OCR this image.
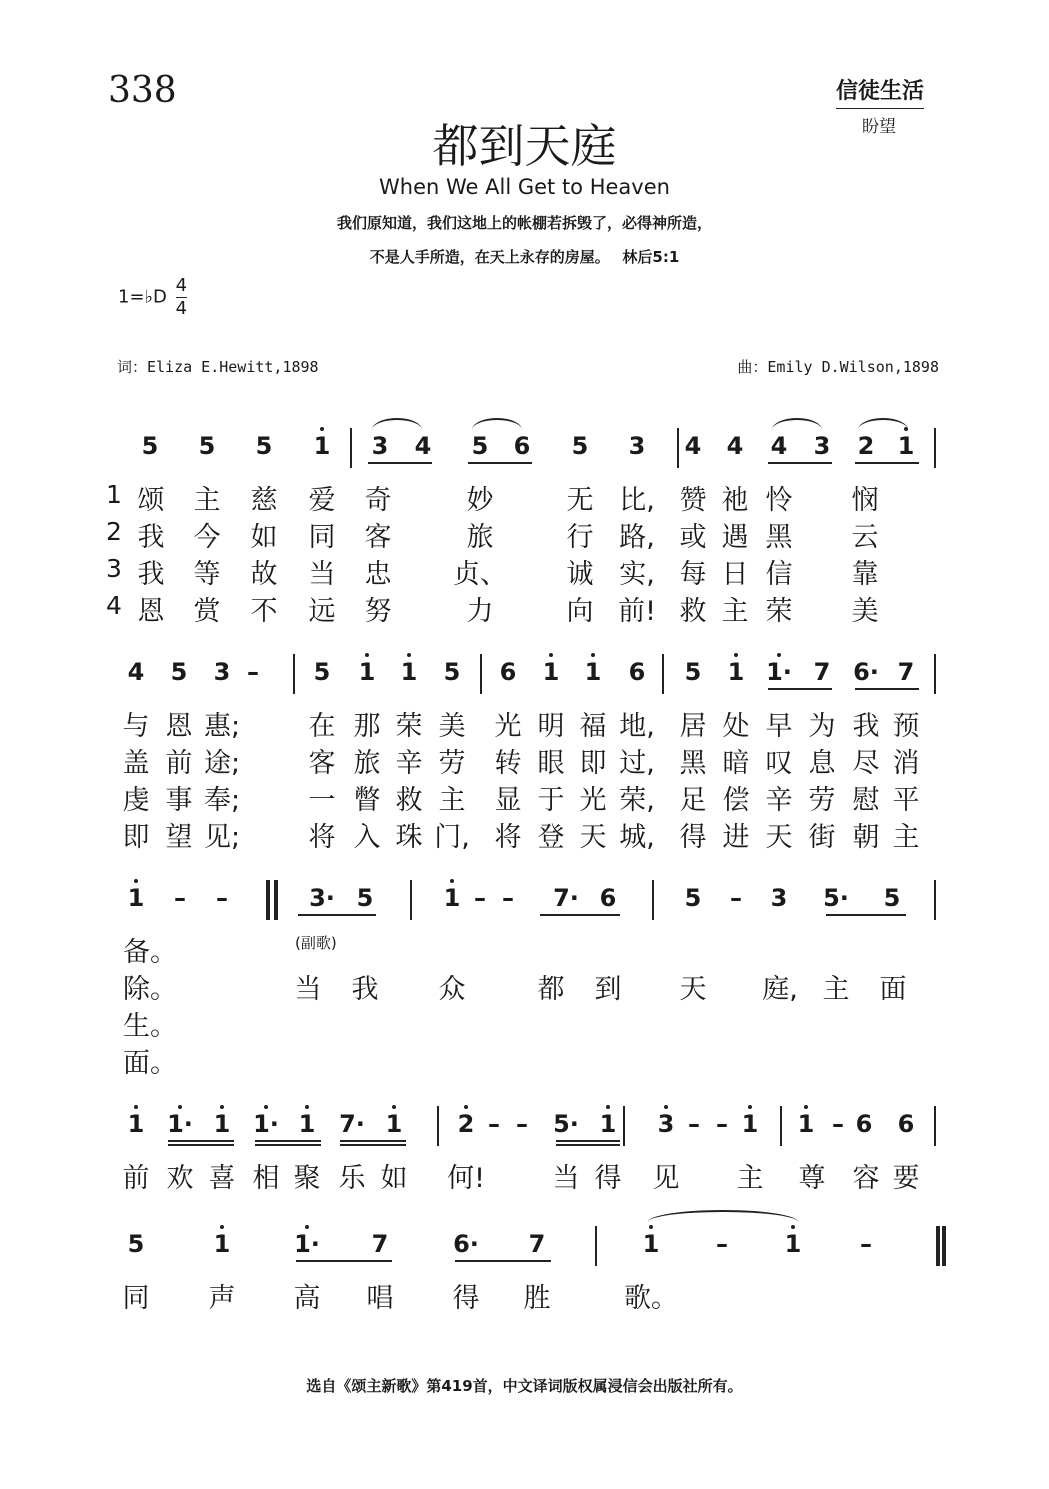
338	信徒生活
盼望
都到天庭
When We All Get to Heaven
我们原知道，我们这地上的帐棚若拆毁了，必得神所造，
不是人手所造，在天上永存的房屋。　 林后5:1
1=♭D $\frac{4}{4}$
词：Eliza E.Hewitt,1898	曲：Emily D.Wilson,1898
5 5 5 1 3 4 5 6 5 3 4 4 4 3 2 1
1 颂 主 慈 爱 奇	妙	无 比, 赞 祂 怜 悯
2 我 今 如 同 客	旅	行 路, 或 遇 黑 云
3 我 等 故 当 忠 贞、 诚 实, 每 日 信 靠
4 恩 赏 不 远 努	力	向 前! 救 主 荣 美
4 5 3 – 5 1 1 5 6 1 1 6 5 1 1· 7 6· 7
与 恩 惠;	在 那 荣 美 光 明 福 地, 居 处 早 为 我 预
盖 前 途;	客 旅 辛 劳 转 眼 即 过, 黑 暗 叹 息 尽 消
虔 事 奉;	一 瞥 救 主 显 于 光 荣, 足 偿 辛 劳 慰 平
即 望 见;	将 入 珠 门, 将 登 天 城, 得 进 天 街 朝 主
1 – –	3· 5	1 – – 7· 6	5 – 3 5· 5
(副歌)
备。
除。
生。
面。
当 我 众	都 到 天 庭, 主 面
1 1· 1 1· 1 7· 1 2 – – 5· 1 3 – – 1 1 – 6 6
前 欢 喜 相 聚 乐 如 何!	当 得 见 主 尊 容 要
5	1	1· 7	6· 7	1 – 1 –
同 声 高 唱 得 胜	歌。
选自《颂主新歌》第419首，中文译词版权属浸信会出版社所有。
